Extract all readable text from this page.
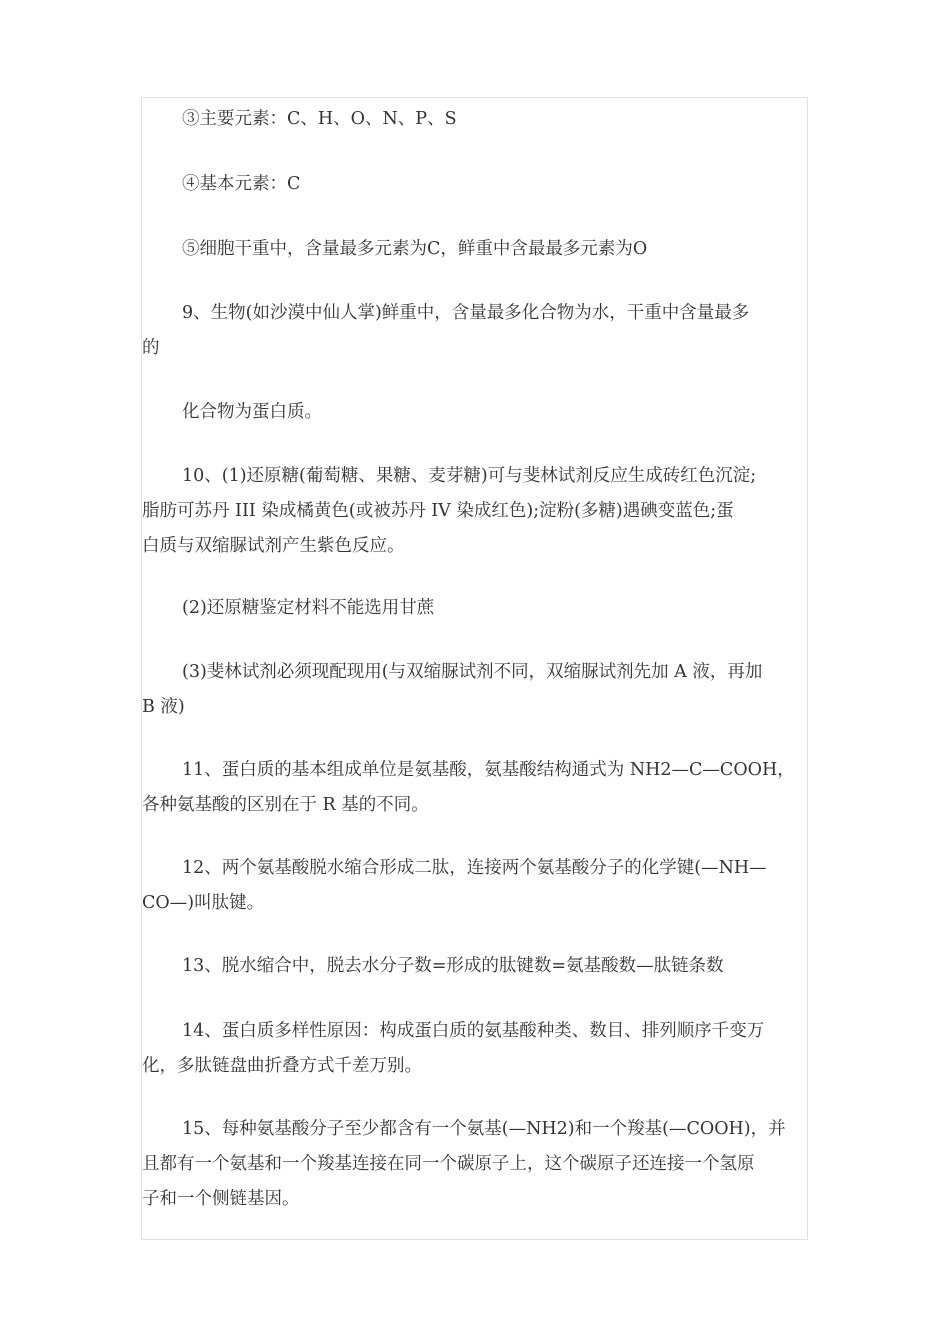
③主要元素：C、H、O、N、P、S
④基本元素：C
⑤细胞干重中，含量最多元素为C，鲜重中含最最多元素为O
9、生物(如沙漠中仙人掌)鲜重中，含量最多化合物为水，干重中含量最多
的
化合物为蛋白质。
10、(1)还原糖(葡萄糖、果糖、麦芽糖)可与斐林试剂反应生成砖红色沉淀;
脂肪可苏丹 III 染成橘黄色(或被苏丹 IV 染成红色);淀粉(多糖)遇碘变蓝色;蛋
白质与双缩脲试剂产生紫色反应。
(2)还原糖鉴定材料不能选用甘蔗
(3)斐林试剂必须现配现用(与双缩脲试剂不同，双缩脲试剂先加 A 液，再加
B 液)
11、蛋白质的基本组成单位是氨基酸，氨基酸结构通式为 NH2—C—COOH，
各种氨基酸的区别在于 R 基的不同。
12、两个氨基酸脱水缩合形成二肽，连接两个氨基酸分子的化学键(—NH—
CO—)叫肽键。
13、脱水缩合中，脱去水分子数=形成的肽键数=氨基酸数—肽链条数
14、蛋白质多样性原因：构成蛋白质的氨基酸种类、数目、排列顺序千变万
化，多肽链盘曲折叠方式千差万别。
15、每种氨基酸分子至少都含有一个氨基(—NH2)和一个羧基(—COOH)，并
且都有一个氨基和一个羧基连接在同一个碳原子上，这个碳原子还连接一个氢原
子和一个侧链基因。
